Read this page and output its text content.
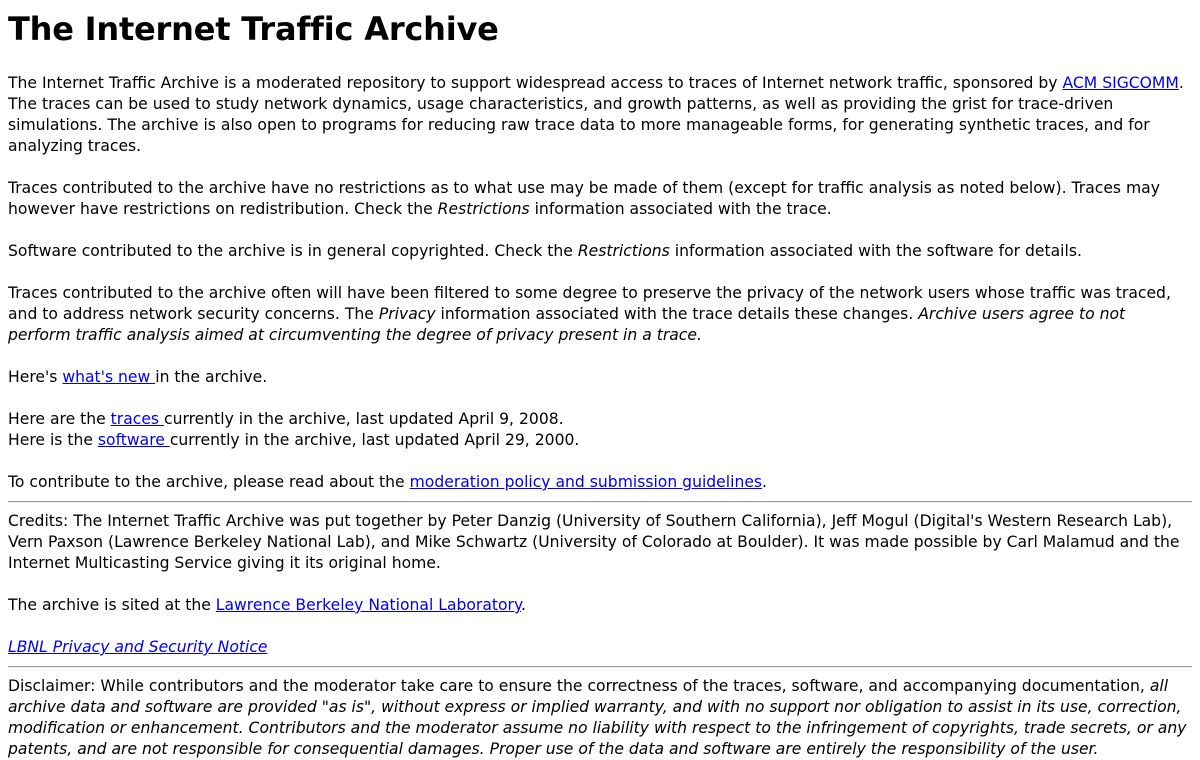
The Internet Traffic Archive

The Internet Traffic Archive is a moderated repository to support widespread access to traces of Internet network traffic, sponsored by ACM SIGCOMM. The traces can be used to study network dynamics, usage characteristics, and growth patterns, as well as providing the grist for trace-driven simulations. The archive is also open to programs for reducing raw trace data to more manageable forms, for generating synthetic traces, and for analyzing traces.

Traces contributed to the archive have no restrictions as to what use may be made of them (except for traffic analysis as noted below). Traces may however have restrictions on redistribution. Check the Restrictions information associated with the trace.

Software contributed to the archive is in general copyrighted. Check the Restrictions information associated with the software for details.

Traces contributed to the archive often will have been filtered to some degree to preserve the privacy of the network users whose traffic was traced, and to address network security concerns. The Privacy information associated with the trace details these changes. Archive users agree to not perform traffic analysis aimed at circumventing the degree of privacy present in a trace.

Here's what's new in the archive.

Here are the traces currently in the archive, last updated April 9, 2008.

Here is the software currently in the archive, last updated April 29, 2000.

To contribute to the archive, please read about the moderation policy and submission guidelines.

Credits: The Internet Traffic Archive was put together by Peter Danzig (University of Southern California), Jeff Mogul (Digital's Western Research Lab), Vern Paxson (Lawrence Berkeley National Lab), and Mike Schwartz (University of Colorado at Boulder). It was made possible by Carl Malamud and the Internet Multicasting Service giving it its original home.

The archive is sited at the Lawrence Berkeley National Laboratory.

LBNL Privacy and Security Notice

Disclaimer: While contributors and the moderator take care to ensure the correctness of the traces, software, and accompanying documentation, all archive data and software are provided "as is", without express or implied warranty, and with no support nor obligation to assist in its use, correction, modification or enhancement. Contributors and the moderator assume no liability with respect to the infringement of copyrights, trade secrets, or any patents, and are not responsible for consequential damages. Proper use of the data and software are entirely the responsibility of the user.
